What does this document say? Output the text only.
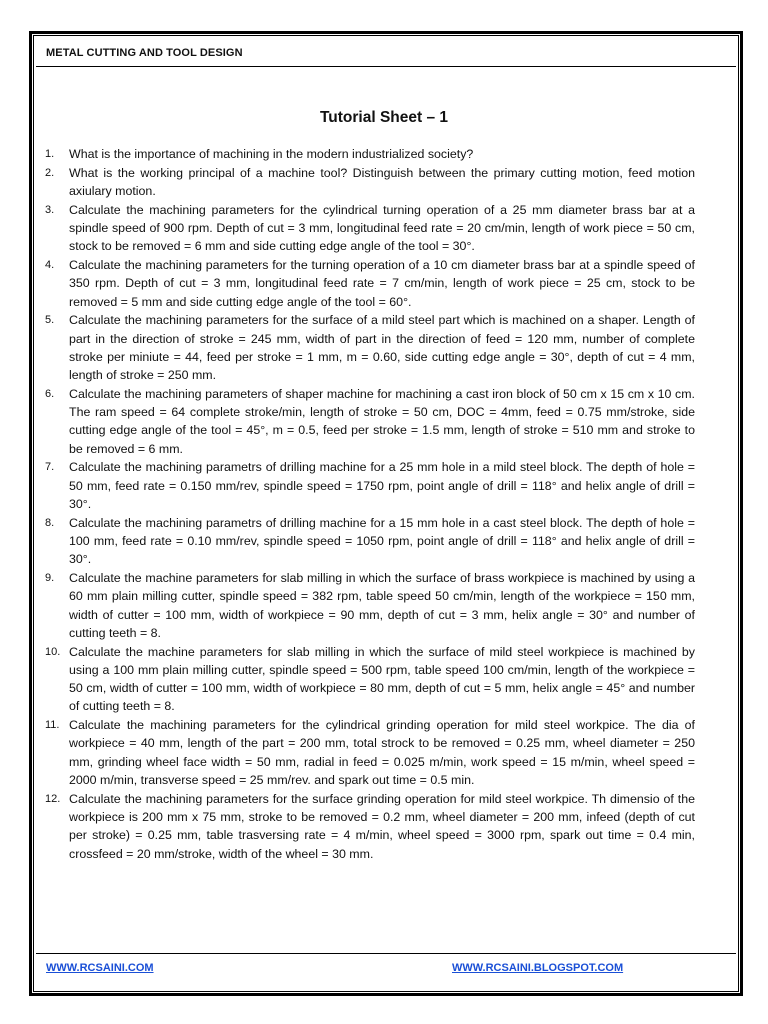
METAL CUTTING AND TOOL DESIGN
Tutorial Sheet – 1
1.	What is the importance of machining in the modern industrialized society?
2.	What is the working principal of a machine tool? Distinguish between the primary cutting motion, feed motion axiulary motion.
3.	Calculate the machining parameters for the cylindrical turning operation of a 25 mm diameter brass bar at a spindle speed of 900 rpm. Depth of cut = 3 mm, longitudinal feed rate = 20 cm/min, length of work piece = 50 cm, stock to be removed = 6 mm and side cutting edge angle of the tool = 30°.
4.	Calculate the machining parameters for the turning operation of a 10 cm diameter brass bar at a spindle speed of 350 rpm. Depth of cut = 3 mm, longitudinal feed rate = 7 cm/min, length of work piece = 25 cm, stock to be removed = 5 mm and side cutting edge angle of the tool = 60°.
5.	Calculate the machining parameters for the surface of a mild steel part which is machined on a shaper. Length of part in the direction of stroke = 245 mm, width of part in the direction of feed = 120 mm, number of complete stroke per miniute = 44, feed per stroke = 1 mm, m = 0.60, side cutting edge angle = 30°, depth of cut = 4 mm, length of stroke = 250 mm.
6.	Calculate the machining parameters of shaper machine for machining a cast iron block of 50 cm x 15 cm x 10 cm. The ram speed = 64 complete stroke/min, length of stroke = 50 cm, DOC = 4mm, feed = 0.75 mm/stroke, side cutting edge angle of the tool = 45°, m = 0.5, feed per stroke = 1.5 mm, length of stroke = 510 mm and stroke to be removed = 6 mm.
7.	Calculate the machining parametrs of drilling machine for a 25 mm hole in a mild steel block. The depth of hole = 50 mm, feed rate = 0.150 mm/rev, spindle speed = 1750 rpm, point angle of drill = 118° and helix angle of drill = 30°.
8.	Calculate the machining parametrs of drilling machine for a 15 mm hole in a cast steel block. The depth of hole = 100 mm, feed rate = 0.10 mm/rev, spindle speed = 1050 rpm, point angle of drill = 118° and helix angle of drill = 30°.
9.	Calculate the machine parameters for slab milling in which the surface of brass workpiece is machined by using a 60 mm plain milling cutter, spindle speed = 382 rpm, table speed 50 cm/min, length of the workpiece = 150 mm, width of cutter = 100 mm, width of workpiece = 90 mm, depth of cut = 3 mm, helix angle = 30° and number of cutting teeth = 8.
10. Calculate the machine parameters for slab milling in which the surface of mild steel workpiece is machined by using a 100 mm plain milling cutter, spindle speed = 500 rpm, table speed 100 cm/min, length of the workpiece = 50 cm, width of cutter = 100 mm, width of workpiece = 80 mm, depth of cut = 5 mm, helix angle = 45° and number of cutting teeth = 8.
11. Calculate the machining parameters for the cylindrical grinding operation for mild steel workpice. The dia of workpiece = 40 mm, length of the part = 200 mm, total strock to be removed = 0.25 mm, wheel diameter = 250 mm, grinding wheel face width = 50 mm, radial in feed = 0.025 m/min, work speed = 15 m/min, wheel speed = 2000 m/min, transverse speed = 25 mm/rev. and spark out time = 0.5 min.
12. Calculate the machining parameters for the surface grinding operation for mild steel workpice. Th dimensio of the workpiece is 200 mm x 75 mm, stroke to be removed = 0.2 mm, wheel diameter = 200 mm, infeed (depth of cut per stroke) = 0.25 mm, table trasversing rate = 4 m/min, wheel speed = 3000 rpm, spark out time = 0.4 min, crossfeed = 20 mm/stroke, width of the wheel = 30 mm.
WWW.RCSAINI.COM	WWW.RCSAINI.BLOGSPOT.COM
